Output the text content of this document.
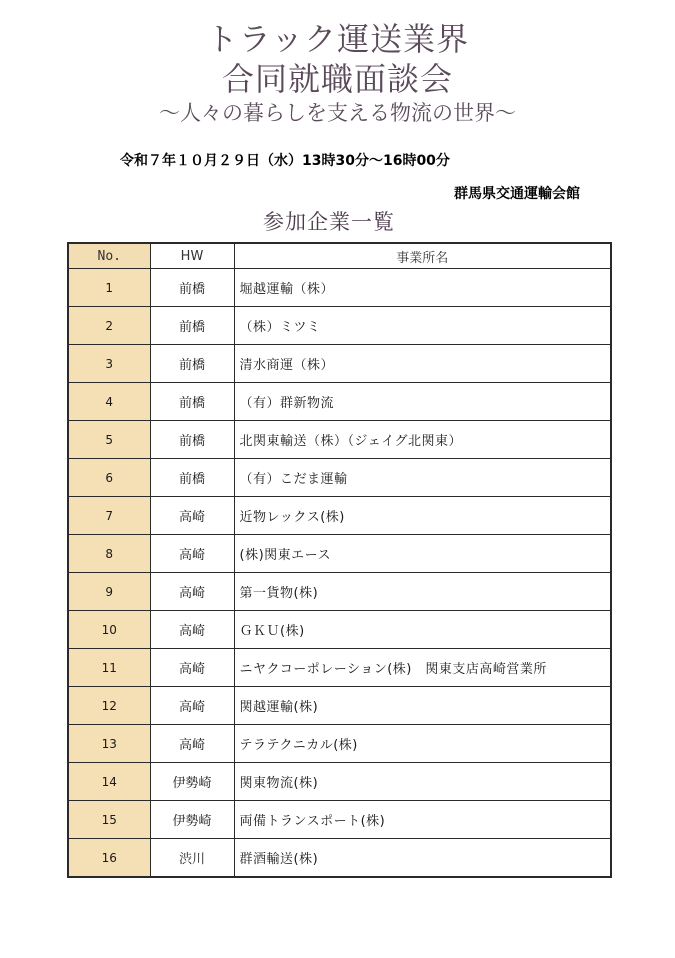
トラック運送業界
合同就職面談会
〜人々の暮らしを支える物流の世界〜
令和７年１０月２９日（水）13時30分〜16時00分
群馬県交通運輸会館
参加企業一覧
No.	HW	事業所名
1	前橋	堀越運輸（株）
2	前橋	（株）ミツミ
3	前橋	清水商運（株）
4	前橋	（有）群新物流
5	前橋	北関東輸送（株）（ジェイグ北関東）
6	前橋	（有）こだま運輸
7	高崎	近物レックス(株)
8	高崎	(株)関東エース
9	高崎	第一貨物(株)
10	高崎	ＧＫＵ(株)
11	高崎	ニヤクコーポレーション(株)　関東支店高崎営業所
12	高崎	関越運輸(株)
13	高崎	テラテクニカル(株)
14	伊勢崎	関東物流(株)
15	伊勢崎	両備トランスポート(株)
16	渋川	群酒輸送(株)
